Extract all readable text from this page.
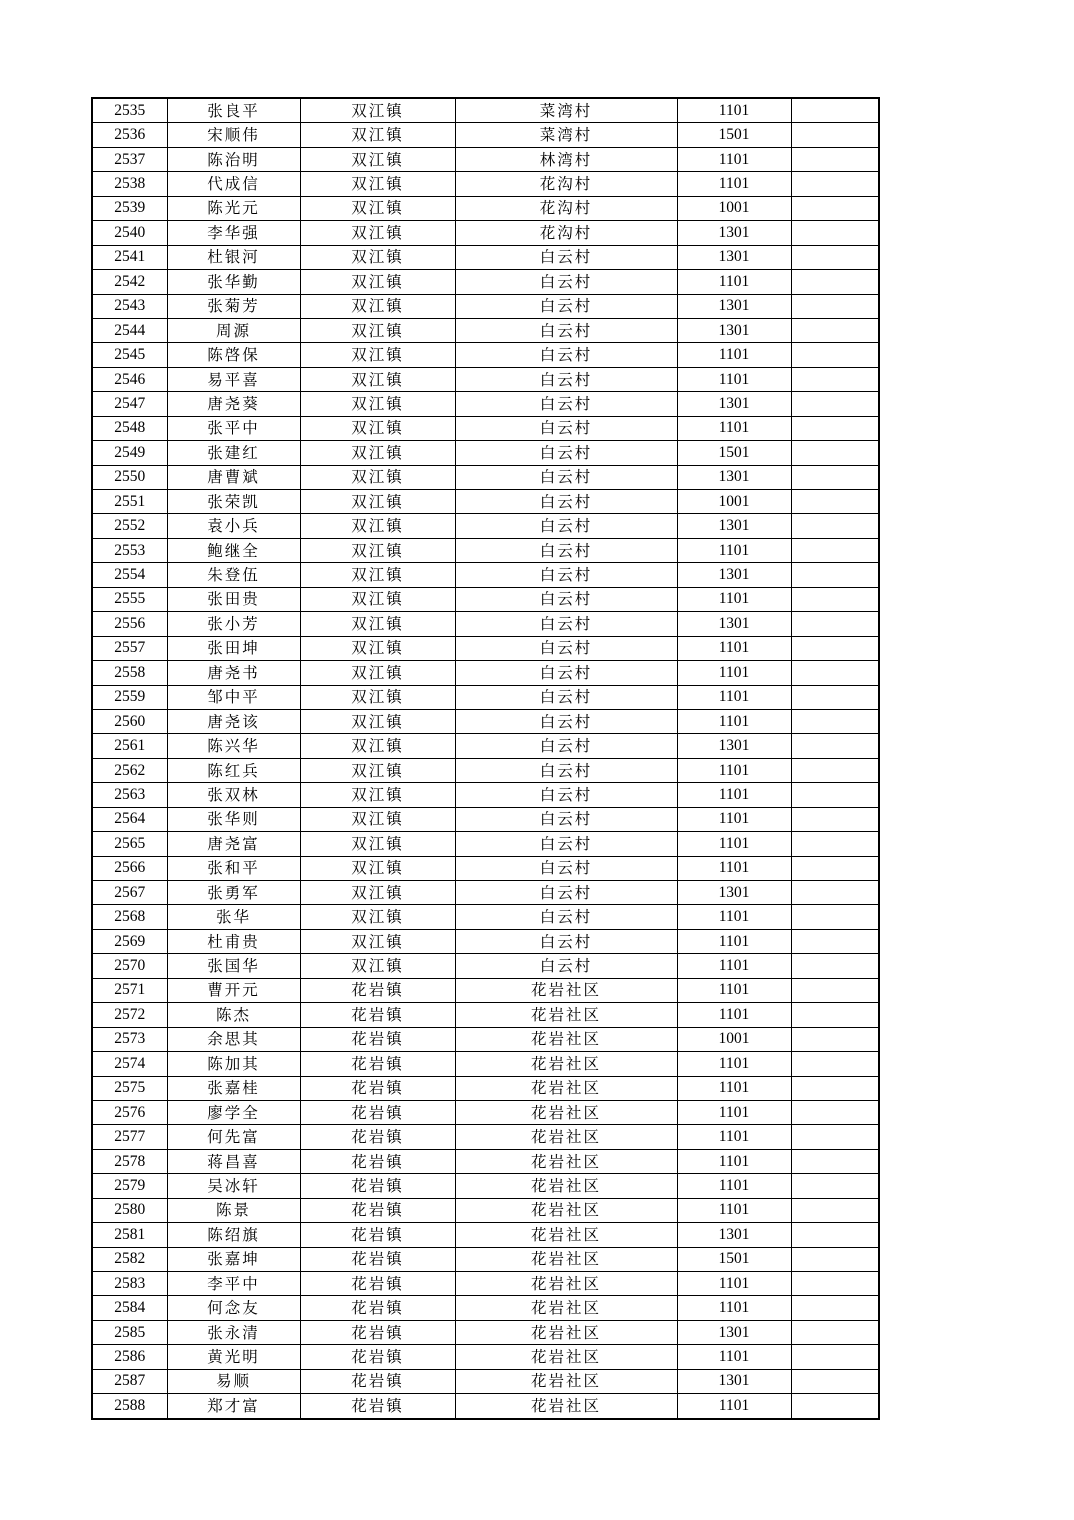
2535	张良平	双江镇	菜湾村	1101	
2536	宋顺伟	双江镇	菜湾村	1501	
2537	陈治明	双江镇	林湾村	1101	
2538	代成信	双江镇	花沟村	1101	
2539	陈光元	双江镇	花沟村	1001	
2540	李华强	双江镇	花沟村	1301	
2541	杜银河	双江镇	白云村	1301	
2542	张华勤	双江镇	白云村	1101	
2543	张菊芳	双江镇	白云村	1301	
2544	周源	双江镇	白云村	1301	
2545	陈啓保	双江镇	白云村	1101	
2546	易平喜	双江镇	白云村	1101	
2547	唐尧葵	双江镇	白云村	1301	
2548	张平中	双江镇	白云村	1101	
2549	张建红	双江镇	白云村	1501	
2550	唐曹斌	双江镇	白云村	1301	
2551	张荣凯	双江镇	白云村	1001	
2552	袁小兵	双江镇	白云村	1301	
2553	鲍继全	双江镇	白云村	1101	
2554	朱登伍	双江镇	白云村	1301	
2555	张田贵	双江镇	白云村	1101	
2556	张小芳	双江镇	白云村	1301	
2557	张田坤	双江镇	白云村	1101	
2558	唐尧书	双江镇	白云村	1101	
2559	邹中平	双江镇	白云村	1101	
2560	唐尧该	双江镇	白云村	1101	
2561	陈兴华	双江镇	白云村	1301	
2562	陈红兵	双江镇	白云村	1101	
2563	张双林	双江镇	白云村	1101	
2564	张华则	双江镇	白云村	1101	
2565	唐尧富	双江镇	白云村	1101	
2566	张和平	双江镇	白云村	1101	
2567	张勇军	双江镇	白云村	1301	
2568	张华	双江镇	白云村	1101	
2569	杜甫贵	双江镇	白云村	1101	
2570	张国华	双江镇	白云村	1101	
2571	曹开元	花岩镇	花岩社区	1101	
2572	陈杰	花岩镇	花岩社区	1101	
2573	余思其	花岩镇	花岩社区	1001	
2574	陈加其	花岩镇	花岩社区	1101	
2575	张嘉桂	花岩镇	花岩社区	1101	
2576	廖学全	花岩镇	花岩社区	1101	
2577	何先富	花岩镇	花岩社区	1101	
2578	蒋昌喜	花岩镇	花岩社区	1101	
2579	吴冰轩	花岩镇	花岩社区	1101	
2580	陈景	花岩镇	花岩社区	1101	
2581	陈绍旗	花岩镇	花岩社区	1301	
2582	张嘉坤	花岩镇	花岩社区	1501	
2583	李平中	花岩镇	花岩社区	1101	
2584	何念友	花岩镇	花岩社区	1101	
2585	张永清	花岩镇	花岩社区	1301	
2586	黄光明	花岩镇	花岩社区	1101	
2587	易顺	花岩镇	花岩社区	1301	
2588	郑才富	花岩镇	花岩社区	1101	
